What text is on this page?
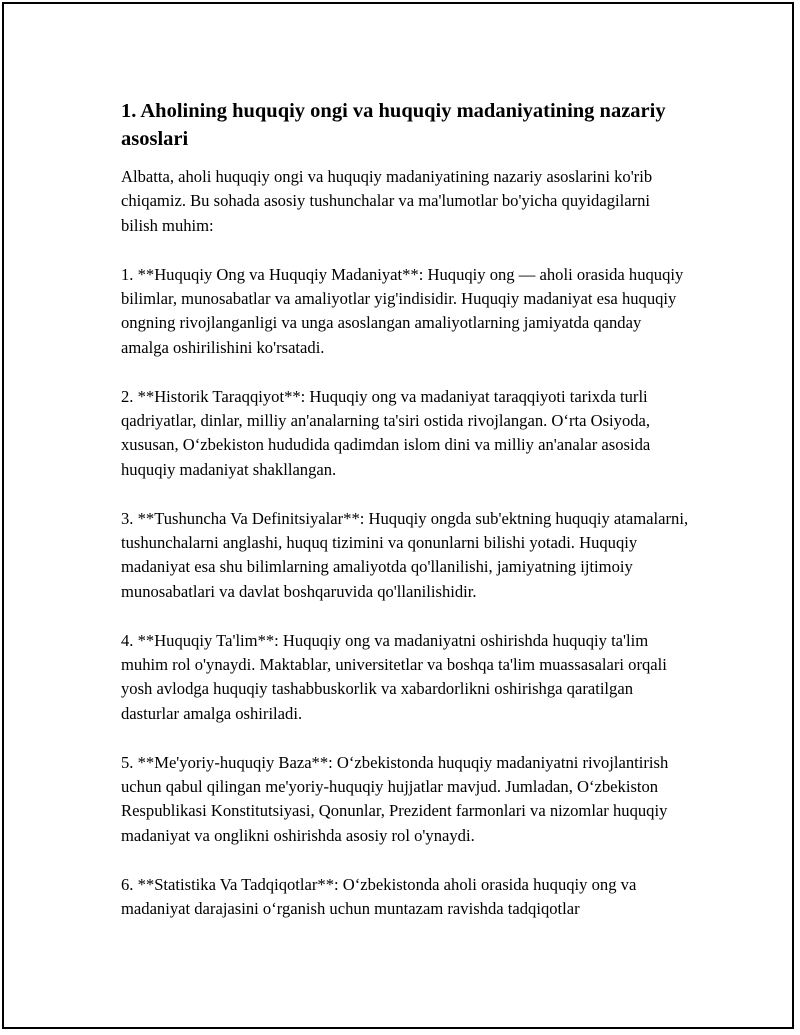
1. Aholining huquqiy ongi va huquqiy madaniyatining nazariy asoslari

Albatta, aholi huquqiy ongi va huquqiy madaniyatining nazariy asoslarini ko'rib chiqamiz. Bu sohada asosiy tushunchalar va ma'lumotlar bo'yicha quyidagilarni bilish muhim:

1. **Huquqiy Ong va Huquqiy Madaniyat**: Huquqiy ong — aholi orasida huquqiy bilimlar, munosabatlar va amaliyotlar yig'indisidir. Huquqiy madaniyat esa huquqiy ongning rivojlanganligi va unga asoslangan amaliyotlarning jamiyatda qanday amalga oshirilishini ko'rsatadi.

2. **Historik Taraqqiyot**: Huquqiy ong va madaniyat taraqqiyoti tarixda turli qadriyatlar, dinlar, milliy an'analarning ta'siri ostida rivojlangan. O‘rta Osiyoda, xususan, O‘zbekiston hududida qadimdan islom dini va milliy an'analar asosida huquqiy madaniyat shakllangan.

3. **Tushuncha Va Definitsiyalar**: Huquqiy ongda sub'ektning huquqiy atamalarni, tushunchalarni anglashi, huquq tizimini va qonunlarni bilishi yotadi. Huquqiy madaniyat esa shu bilimlarning amaliyotda qo'llanilishi, jamiyatning ijtimoiy munosabatlari va davlat boshqaruvida qo'llanilishidir.

4. **Huquqiy Ta'lim**: Huquqiy ong va madaniyatni oshirishda huquqiy ta'lim muhim rol o'ynaydi. Maktablar, universitetlar va boshqa ta'lim muassasalari orqali yosh avlodga huquqiy tashabbuskorlik va xabardorlikni oshirishga qaratilgan dasturlar amalga oshiriladi.

5. **Me'yoriy-huquqiy Baza**: O‘zbekistonda huquqiy madaniyatni rivojlantirish uchun qabul qilingan me'yoriy-huquqiy hujjatlar mavjud. Jumladan, O‘zbekiston Respublikasi Konstitutsiyasi, Qonunlar, Prezident farmonlari va nizomlar huquqiy madaniyat va onglikni oshirishda asosiy rol o'ynaydi.

6. **Statistika Va Tadqiqotlar**: O‘zbekistonda aholi orasida huquqiy ong va madaniyat darajasini o‘rganish uchun muntazam ravishda tadqiqotlar
